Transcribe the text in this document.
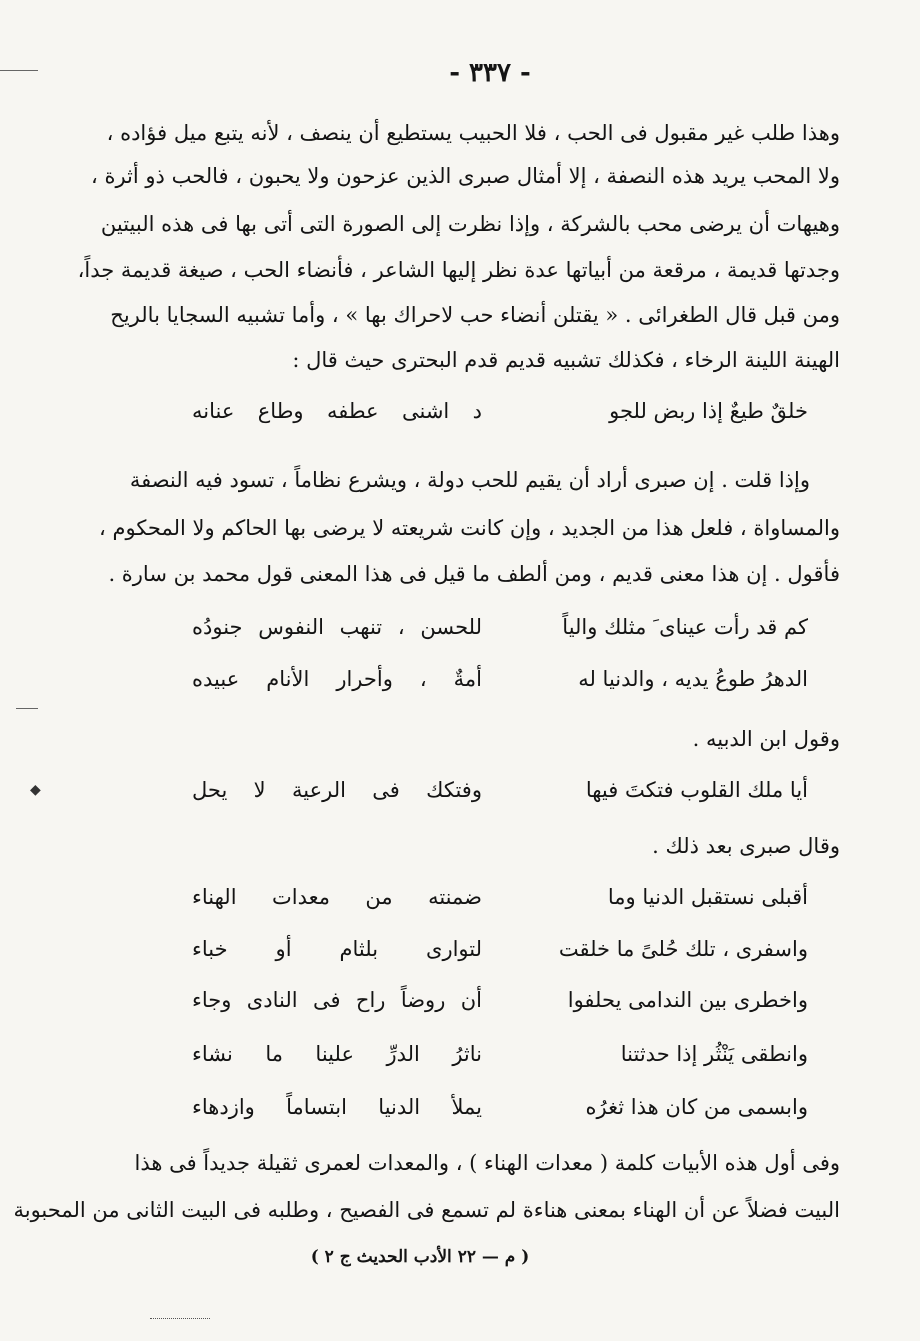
◆
- ٣٣٧ -
وهذا طلب غير مقبول فى الحب ، فلا الحبيب يستطيع أن ينصف ، لأنه يتبع ميل فؤاده ،
ولا المحب يريد هذه النصفة ، إلا أمثال صبرى الذين عزحون ولا يحبون ، فالحب ذو أثرة ،
وهيهات أن يرضى محب بالشركة ، وإذا نظرت إلى الصورة التى أتى بها فى هذه البيتين
وجدتها قديمة ، مرقعة من أبياتها عدة نظر إليها الشاعر ، فأنضاء الحب ، صيغة قديمة جداً،
ومن قبل قال الطغرائى . « يقتلن أنضاء حب لاحراك بها » ، وأما تشبيه السجايا بالريح
الهينة اللينة الرخاء ، فكذلك تشبيه قديم قدم البحترى حيث قال :
خلقٌ طيعٌ إذا ربض للجو
د اشنى عطفه وطاع عنانه
وإذا قلت . إن صبرى أراد أن يقيم للحب دولة ، ويشرع نظاماً ، تسود فيه النصفة
والمساواة ، فلعل هذا من الجديد ، وإن كانت شريعته لا يرضى بها الحاكم ولا المحكوم ،
فأقول . إن هذا معنى قديم ، ومن ألطف ما قيل فى هذا المعنى قول محمد بن سارة .
كم قد رأت عيناى َ مثلك والياً
للحسن ، تنهب النفوس جنودُه
الدهرُ طوعُ يديه ، والدنيا له
أمةٌ ، وأحرار الأنام عبيده
وقول ابن الدبيه .
أيا ملك القلوب فتكتَ فيها
وفتكك فى الرعية لا يحل
وقال صبرى بعد ذلك .
أقبلى نستقبل الدنيا وما
ضمنته من معدات الهناء
واسفرى ، تلك حُلىً ما خلقت
لتوارى بلثام أو خباء
واخطرى بين الندامى يحلفوا
أن روضاً راح فى النادى وجاء
وانطقى يَنْثُر إذا حدثتنا
ناثرُ الدرِّ علينا ما نشاء
وابسمى من كان هذا ثغرُه
يملأ الدنيا ابتساماً وازدهاء
وفى أول هذه الأبيات كلمة ( معدات الهناء ) ، والمعدات لعمرى ثقيلة جديداً فى هذا
البيت فضلاً عن أن الهناء بمعنى هناءة لم تسمع فى الفصيح ، وطلبه فى البيت الثانى من المحبوبة
( م — ٢٢ الأدب الحديث ج ٢ )
